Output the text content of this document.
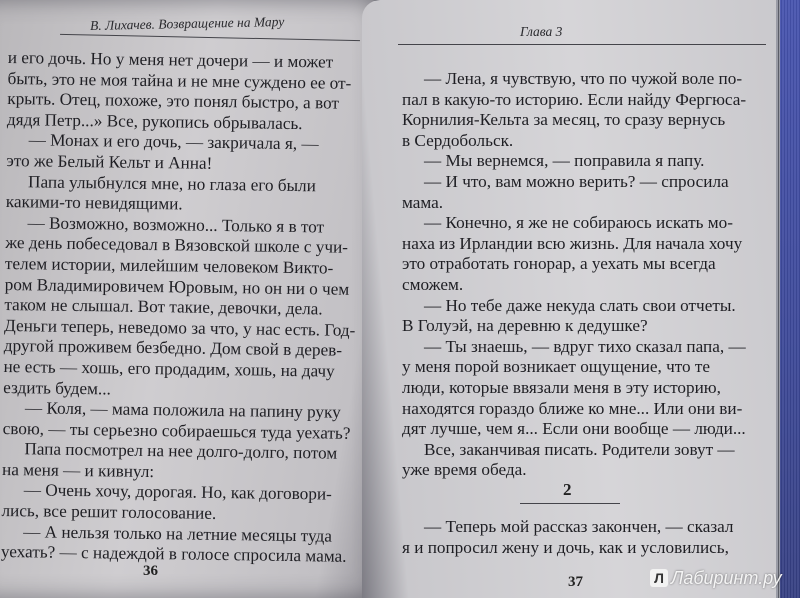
В. Лихачев. Возвращение на Мару
и его дочь. Но у меня нет дочери — и может
быть, это не моя тайна и не мне суждено ее от-
крыть. Отец, похоже, это понял быстро, а вот
дядя Петр...» Все, рукопись обрывалась.
— Монах и его дочь, — закричала я, —
это же Белый Кельт и Анна!
Папа улыбнулся мне, но глаза его были
какими-то невидящими.
— Возможно, возможно... Только я в тот
же день побеседовал в Вязовской школе с учи-
телем истории, милейшим человеком Викто-
ром Владимировичем Юровым, но он ни о чем
таком не слышал. Вот такие, девочки, дела.
Деньги теперь, неведомо за что, у нас есть. Год-
другой проживем безбедно. Дом свой в дерев-
не есть — хошь, его продадим, хошь, на дачу
ездить будем...
— Коля, — мама положила на папину руку
свою, — ты серьезно собираешься туда уехать?
Папа посмотрел на нее долго-долго, потом
на меня — и кивнул:
— Очень хочу, дорогая. Но, как договори-
лись, все решит голосование.
— А нельзя только на летние месяцы туда
уехать? — с надеждой в голосе спросила мама.
36
Глава 3
— Лена, я чувствую, что по чужой воле по-
пал в какую-то историю. Если найду Фергюса-
Корнилия-Кельта за месяц, то сразу вернусь
в Сердобольск.
— Мы вернемся, — поправила я папу.
— И что, вам можно верить? — спросила
мама.
— Конечно, я же не собираюсь искать мо-
наха из Ирландии всю жизнь. Для начала хочу
это отработать гонорар, а уехать мы всегда
сможем.
— Но тебе даже некуда слать свои отчеты.
В Голуэй, на деревню к дедушке?
— Ты знаешь, — вдруг тихо сказал папа, —
у меня порой возникает ощущение, что те
люди, которые ввязали меня в эту историю,
находятся гораздо ближе ко мне... Или они ви-
дят лучше, чем я... Если они вообще — люди...
Все, заканчивая писать. Родители зовут —
уже время обеда.
2
— Теперь мой рассказ закончен, — сказал
я и попросил жену и дочь, как и условились,
37	Л Лабиринт.ру
